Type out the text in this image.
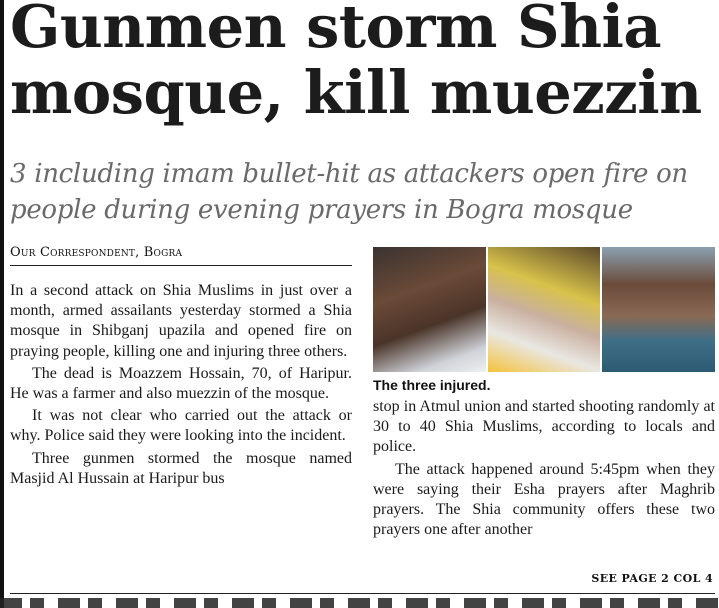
Gunmen storm Shia mosque, kill muezzin
3 including imam bullet-hit as attackers open fire on people during evening prayers in Bogra mosque
Our Correspondent, Bogra

In a second attack on Shia Muslims in just over a month, armed assailants yesterday stormed a Shia mosque in Shibganj upazila and opened fire on praying people, killing one and injuring three others.

The dead is Moazzem Hossain, 70, of Haripur. He was a farmer and also muezzin of the mosque.

It was not clear who carried out the attack or why. Police said they were looking into the incident.

Three gunmen stormed the mosque named Masjid Al Hussain at Haripur bus

The three injured.

stop in Atmul union and started shooting randomly at 30 to 40 Shia Muslims, according to locals and police.

The attack happened around 5:45pm when they were saying their Esha prayers after Maghrib prayers. The Shia community offers these two prayers one after another

SEE PAGE 2 COL 4
